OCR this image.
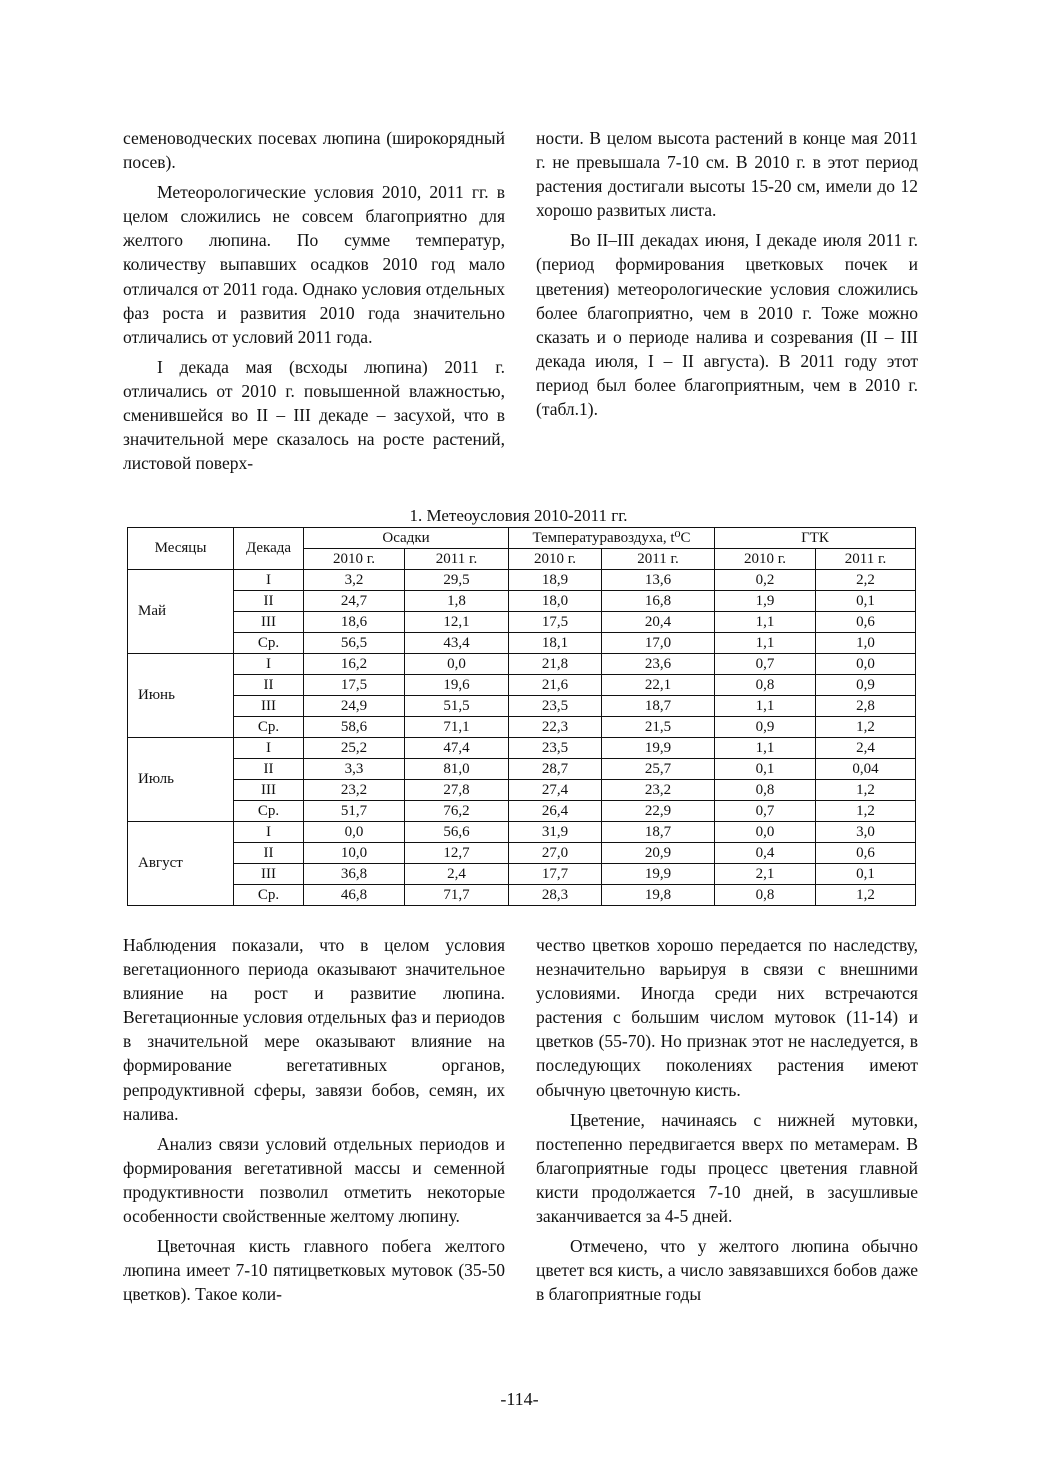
семеноводческих посевах люпина (широкорядный посев).

Метеорологические условия 2010, 2011 гг. в целом сложились не совсем благоприятно для желтого люпина. По сумме температур, количеству выпавших осадков 2010 год мало отличался от 2011 года. Однако условия отдельных фаз роста и развития 2010 года значительно отличались от условий 2011 года.

I декада мая (всходы люпина) 2011 г. отличались от 2010 г. повышенной влажностью, сменившейся во II – III декаде – засухой, что в значительной мере сказалось на росте растений, листовой поверх-

ности. В целом высота растений в конце мая 2011 г. не превышала 7-10 см. В 2010 г. в этот период растения достигали высоты 15-20 см, имели до 12 хорошо развитых листа.

Во II–III декадах июня, I декаде июля 2011 г. (период формирования цветковых почек и цветения) метеорологические условия сложились более благоприятно, чем в 2010 г. Тоже можно сказать и о периоде налива и созревания (II – III декада июля, I – II августа). В 2011 году этот период был более благоприятным, чем в 2010 г. (табл.1).

1. Метеоусловия 2010-2011 гг.
Месяцы	Декада	Осадки		Температуравоздуха, t⁰C		ГТК	
		2010 г.	2011 г.	2010 г.	2011 г.	2010 г.	2011 г.
Май	I	3,2	29,5	18,9	13,6	0,2	2,2
	II	24,7	1,8	18,0	16,8	1,9	0,1
	III	18,6	12,1	17,5	20,4	1,1	0,6
	Ср.	56,5	43,4	18,1	17,0	1,1	1,0
Июнь	I	16,2	0,0	21,8	23,6	0,7	0,0
	II	17,5	19,6	21,6	22,1	0,8	0,9
	III	24,9	51,5	23,5	18,7	1,1	2,8
	Ср.	58,6	71,1	22,3	21,5	0,9	1,2
Июль	I	25,2	47,4	23,5	19,9	1,1	2,4
	II	3,3	81,0	28,7	25,7	0,1	0,04
	III	23,2	27,8	27,4	23,2	0,8	1,2
	Ср.	51,7	76,2	26,4	22,9	0,7	1,2
Август	I	0,0	56,6	31,9	18,7	0,0	3,0
	II	10,0	12,7	27,0	20,9	0,4	0,6
	III	36,8	2,4	17,7	19,9	2,1	0,1
	Ср.	46,8	71,7	28,3	19,8	0,8	1,2

Наблюдения показали, что в целом условия вегетационного периода оказывают значительное влияние на рост и развитие люпина. Вегетационные условия отдельных фаз и периодов в значительной мере оказывают влияние на формирование вегетативных органов, репродуктивной сферы, завязи бобов, семян, их налива.

Анализ связи условий отдельных периодов и формирования вегетативной массы и семенной продуктивности позволил отметить некоторые особенности свойственные желтому люпину.

Цветочная кисть главного побега желтого люпина имеет 7-10 пятицветковых мутовок (35-50 цветков). Такое коли-

чество цветков хорошо передается по наследству, незначительно варьируя в связи с внешними условиями. Иногда среди них встречаются растения с большим числом мутовок (11-14) и цветков (55-70). Но признак этот не наследуется, в последующих поколениях растения имеют обычную цветочную кисть.

Цветение, начинаясь с нижней мутовки, постепенно передвигается вверх по метамерам. В благоприятные годы процесс цветения главной кисти продолжается 7-10 дней, в засушливые заканчивается за 4-5 дней.

Отмечено, что у желтого люпина обычно цветет вся кисть, а число завязавшихся бобов даже в благоприятные годы

-114-
